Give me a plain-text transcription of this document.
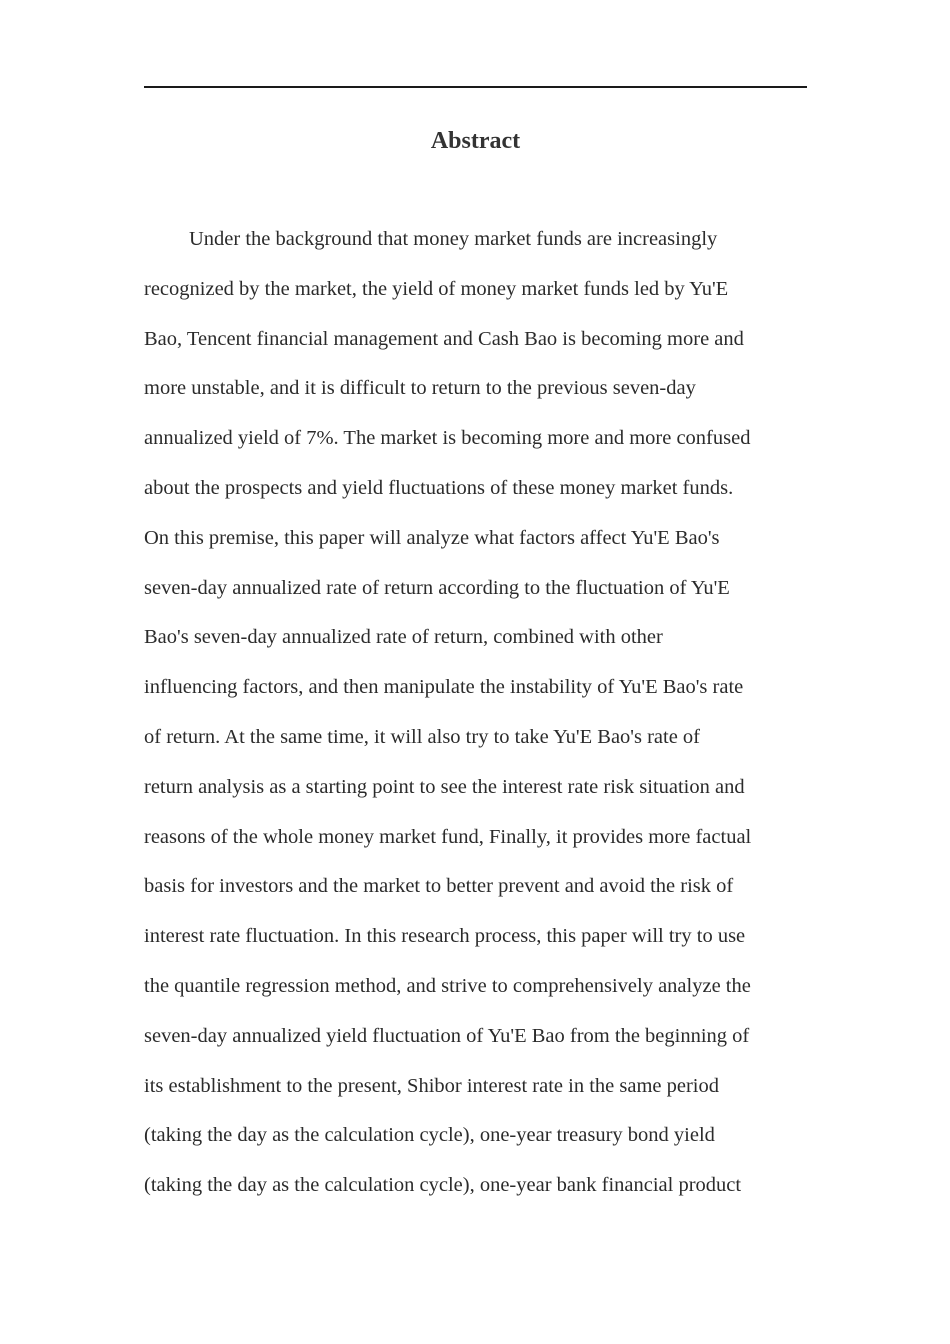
Abstract
Under the background that money market funds are increasingly
recognized by the market, the yield of money market funds led by Yu'E
Bao, Tencent financial management and Cash Bao is becoming more and
more unstable, and it is difficult to return to the previous seven-day
annualized yield of 7%. The market is becoming more and more confused
about the prospects and yield fluctuations of these money market funds.
On this premise, this paper will analyze what factors affect Yu'E Bao's
seven-day annualized rate of return according to the fluctuation of Yu'E
Bao's seven-day annualized rate of return, combined with other
influencing factors, and then manipulate the instability of Yu'E Bao's rate
of return. At the same time, it will also try to take Yu'E Bao's rate of
return analysis as a starting point to see the interest rate risk situation and
reasons of the whole money market fund, Finally, it provides more factual
basis for investors and the market to better prevent and avoid the risk of
interest rate fluctuation. In this research process, this paper will try to use
the quantile regression method, and strive to comprehensively analyze the
seven-day annualized yield fluctuation of Yu'E Bao from the beginning of
its establishment to the present, Shibor interest rate in the same period
(taking the day as the calculation cycle), one-year treasury bond yield
(taking the day as the calculation cycle), one-year bank financial product
